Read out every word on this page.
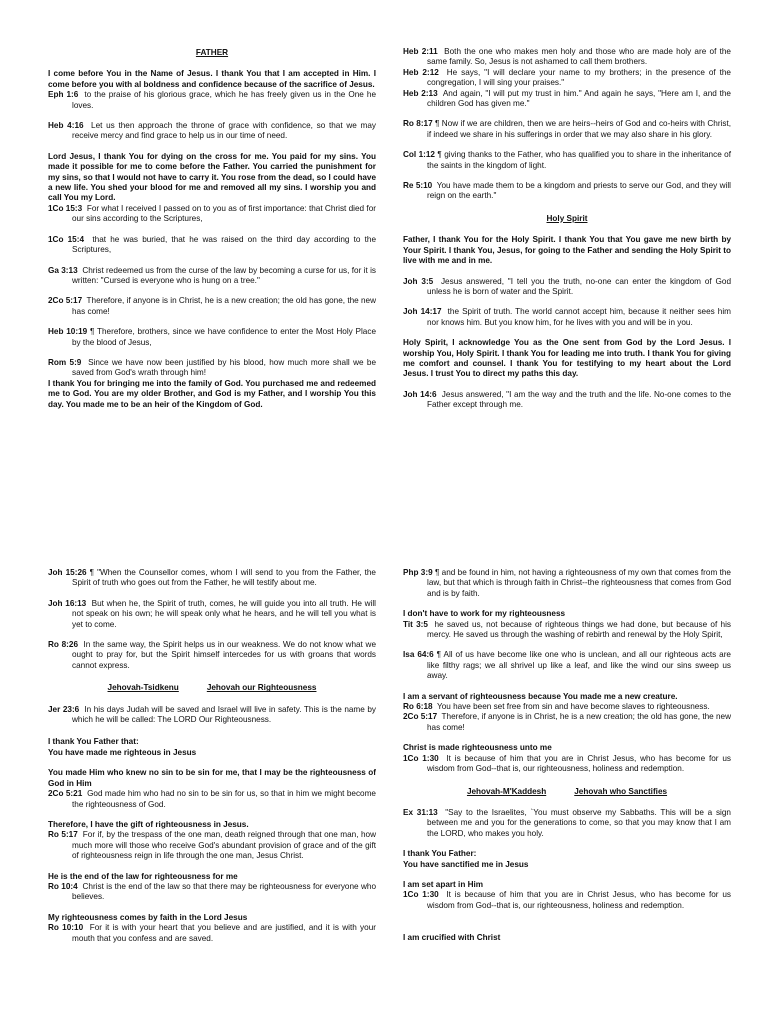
FATHER

I come before You in the Name of Jesus. I thank You that I am accepted in Him. I come before you with al boldness and confidence because of the sacrifice of Jesus.

Eph 1:6 to the praise of his glorious grace, which he has freely given us in the One he loves.

Heb 4:16 Let us then approach the throne of grace with confidence, so that we may receive mercy and find grace to help us in our time of need.

Lord Jesus, I thank You for dying on the cross for me. You paid for my sins. You made it possible for me to come before the Father. You carried the punishment for my sins, so that I would not have to carry it. You rose from the dead, so I could have a new life. You shed your blood for me and removed all my sins. I worship you and call You my Lord.

1Co 15:3 For what I received I passed on to you as of first importance: that Christ died for our sins according to the Scriptures,

1Co 15:4 that he was buried, that he was raised on the third day according to the Scriptures,

Ga 3:13 Christ redeemed us from the curse of the law by becoming a curse for us, for it is written: "Cursed is everyone who is hung on a tree."

2Co 5:17 Therefore, if anyone is in Christ, he is a new creation; the old has gone, the new has come!

Heb 10:19 ¶ Therefore, brothers, since we have confidence to enter the Most Holy Place by the blood of Jesus,

Rom 5:9 Since we have now been justified by his blood, how much more shall we be saved from God's wrath through him!

I thank You for bringing me into the family of God. You purchased me and redeemed me to God. You are my older Brother, and God is my Father, and I worship You this day. You made me to be an heir of the Kingdom of God.

Heb 2:11 Both the one who makes men holy and those who are made holy are of the same family. So, Jesus is not ashamed to call them brothers.

Heb 2:12 He says, "I will declare your name to my brothers; in the presence of the congregation, I will sing your praises."

Heb 2:13 And again, "I will put my trust in him." And again he says, "Here am I, and the children God has given me."

Ro 8:17 ¶ Now if we are children, then we are heirs--heirs of God and co-heirs with Christ, if indeed we share in his sufferings in order that we may also share in his glory.

Col 1:12 ¶ giving thanks to the Father, who has qualified you to share in the inheritance of the saints in the kingdom of light.

Re 5:10 You have made them to be a kingdom and priests to serve our God, and they will reign on the earth."

Holy Spirit

Father, I thank You for the Holy Spirit. I thank You that You gave me new birth by Your Spirit. I thank You, Jesus, for going to the Father and sending the Holy Spirit to live with me and in me.

Joh 3:5 Jesus answered, "I tell you the truth, no-one can enter the kingdom of God unless he is born of water and the Spirit.

Joh 14:17 the Spirit of truth. The world cannot accept him, because it neither sees him nor knows him. But you know him, for he lives with you and will be in you.

Holy Spirit, I acknowledge You as the One sent from God by the Lord Jesus. I worship You, Holy Spirit. I thank You for leading me into truth. I thank You for giving me comfort and counsel. I thank You for testifying to my heart about the Lord Jesus. I trust You to direct my paths this day.

Joh 14:6 Jesus answered, "I am the way and the truth and the life. No-one comes to the Father except through me.

Joh 15:26 ¶ "When the Counsellor comes, whom I will send to you from the Father, the Spirit of truth who goes out from the Father, he will testify about me.

Joh 16:13 But when he, the Spirit of truth, comes, he will guide you into all truth. He will not speak on his own; he will speak only what he hears, and he will tell you what is yet to come.

Ro 8:26 In the same way, the Spirit helps us in our weakness. We do not know what we ought to pray for, but the Spirit himself intercedes for us with groans that words cannot express.

Jehovah-Tsidkenu	Jehovah our Righteousness

Jer 23:6 In his days Judah will be saved and Israel will live in safety. This is the name by which he will be called: The LORD Our Righteousness.

I thank You Father that:

You have made me righteous in Jesus

You made Him who knew no sin to be sin for me, that I may be the righteousness of God in Him

2Co 5:21 God made him who had no sin to be sin for us, so that in him we might become the righteousness of God.

Therefore, I have the gift of righteousness in Jesus.

Ro 5:17 For if, by the trespass of the one man, death reigned through that one man, how much more will those who receive God's abundant provision of grace and of the gift of righteousness reign in life through the one man, Jesus Christ.

He is the end of the law for righteousness for me

Ro 10:4 Christ is the end of the law so that there may be righteousness for everyone who believes.

My righteousness comes by faith in the Lord Jesus

Ro 10:10 For it is with your heart that you believe and are justified, and it is with your mouth that you confess and are saved.

Php 3:9 ¶ and be found in him, not having a righteousness of my own that comes from the law, but that which is through faith in Christ--the righteousness that comes from God and is by faith.

I don't have to work for my righteousness

Tit 3:5 he saved us, not because of righteous things we had done, but because of his mercy. He saved us through the washing of rebirth and renewal by the Holy Spirit,

Isa 64:6 ¶ All of us have become like one who is unclean, and all our righteous acts are like filthy rags; we all shrivel up like a leaf, and like the wind our sins sweep us away.

I am a servant of righteousness because You made me a new creature.

Ro 6:18 You have been set free from sin and have become slaves to righteousness.

2Co 5:17 Therefore, if anyone is in Christ, he is a new creation; the old has gone, the new has come!

Christ is made righteousness unto me

1Co 1:30 It is because of him that you are in Christ Jesus, who has become for us wisdom from God--that is, our righteousness, holiness and redemption.

Jehovah-M'Kaddesh	Jehovah who Sanctifies

Ex 31:13 "Say to the Israelites, `You must observe my Sabbaths. This will be a sign between me and you for the generations to come, so that you may know that I am the LORD, who makes you holy.

I thank You Father:

You have sanctified me in Jesus

I am set apart in Him

1Co 1:30 It is because of him that you are in Christ Jesus, who has become for us wisdom from God--that is, our righteousness, holiness and redemption.

I am crucified with Christ
